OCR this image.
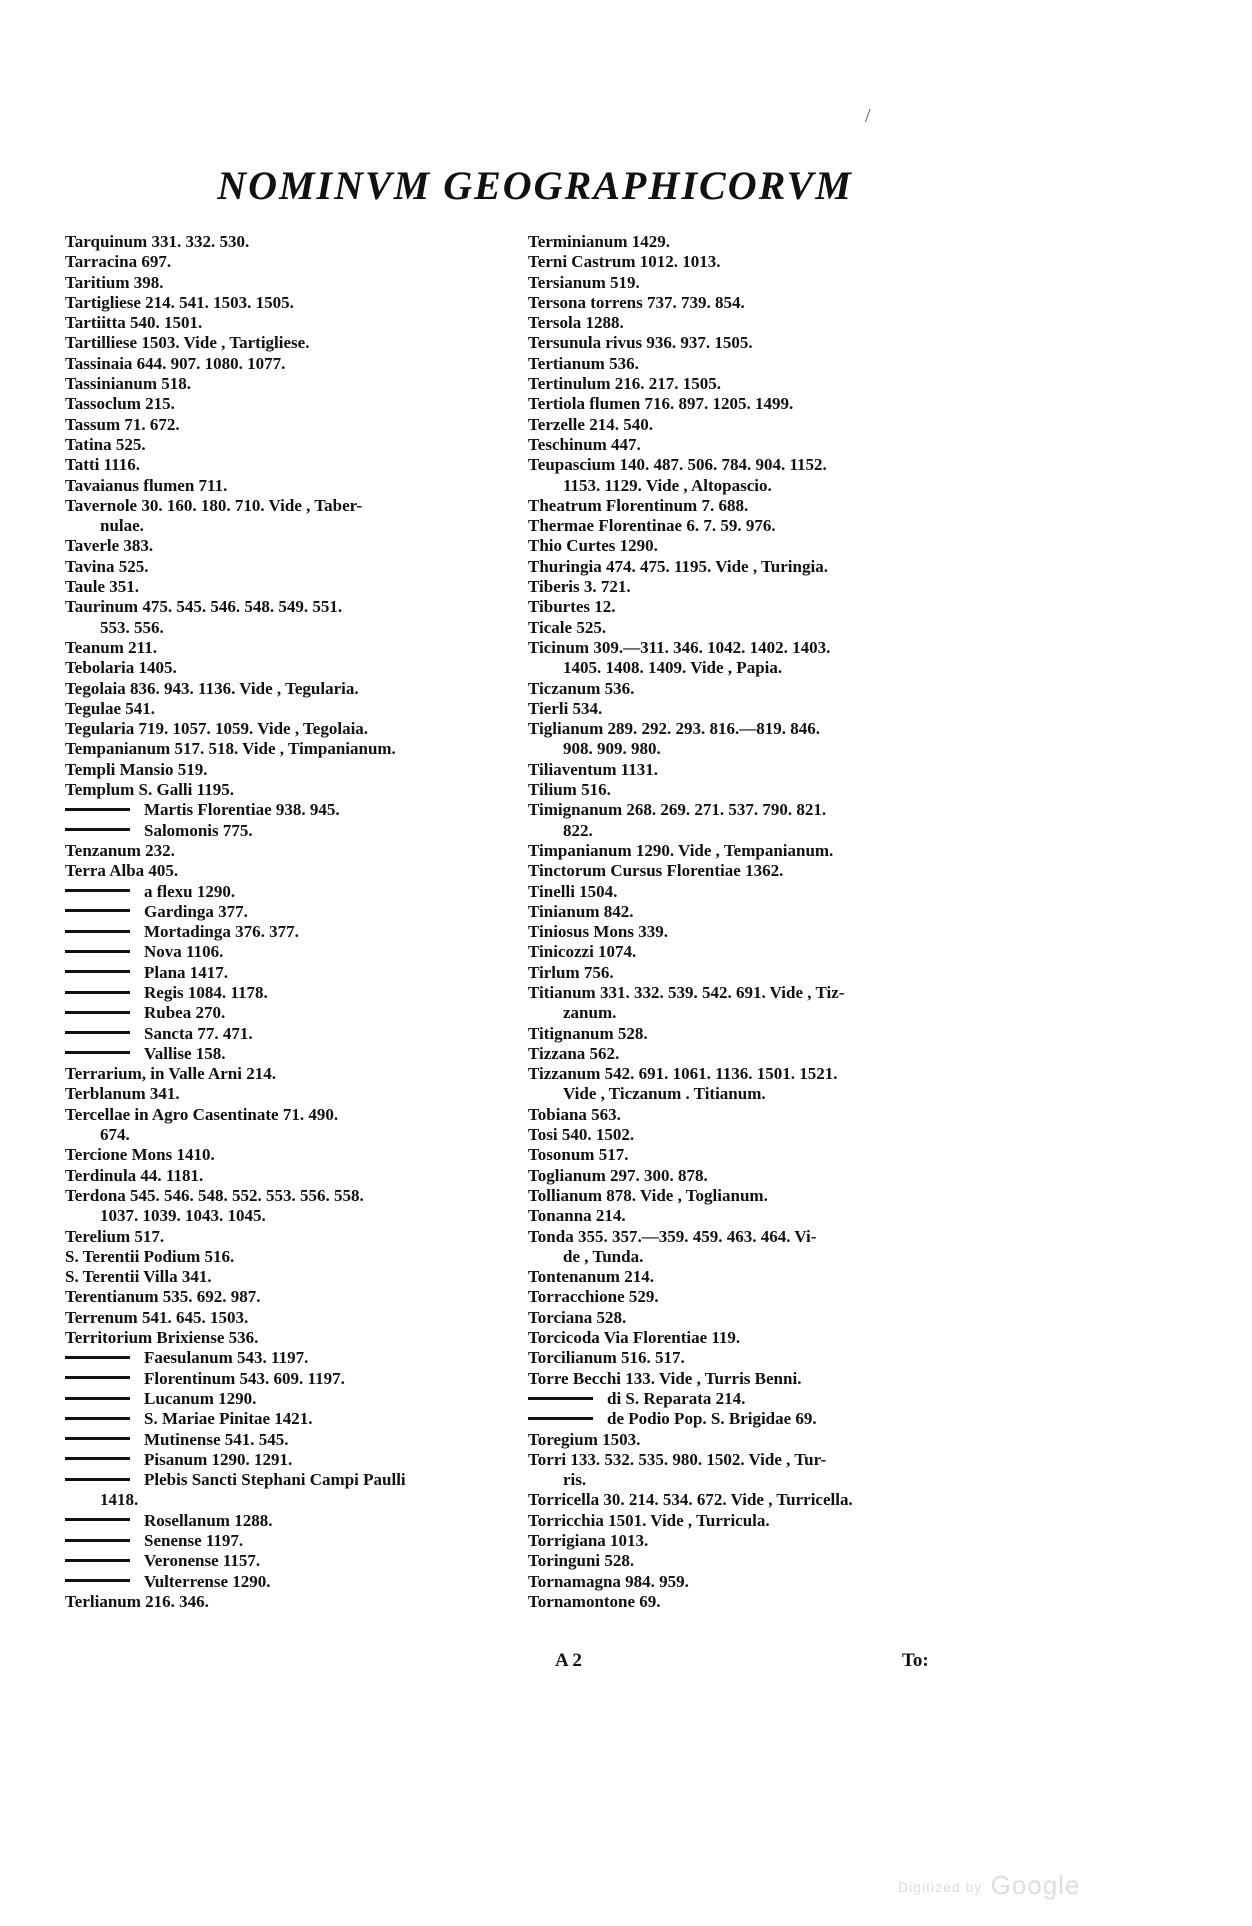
/
NOMINVM GEOGRAPHICORVM
Tarquinum 331. 332. 530.
Tarracina 697.
Taritium 398.
Tartigliese 214. 541. 1503. 1505.
Tartiitta 540. 1501.
Tartilliese 1503. Vide , Tartigliese.
Tassinaia 644. 907. 1080. 1077.
Tassinianum 518.
Tassoclum 215.
Tassum 71. 672.
Tatina 525.
Tatti 1116.
Tavaianus flumen 711.
Tavernole 30. 160. 180. 710. Vide , Taber-
nulae.
Taverle 383.
Tavina 525.
Taule 351.
Taurinum 475. 545. 546. 548. 549. 551.
553. 556.
Teanum 211.
Tebolaria 1405.
Tegolaia 836. 943. 1136. Vide , Tegularia.
Tegulae 541.
Tegularia 719. 1057. 1059. Vide , Tegolaia.
Tempanianum 517. 518. Vide , Timpanianum.
Templi Mansio 519.
Templum S. Galli 1195.
Martis Florentiae 938. 945.
Salomonis 775.
Tenzanum 232.
Terra Alba 405.
a flexu 1290.
Gardinga 377.
Mortadinga 376. 377.
Nova 1106.
Plana 1417.
Regis 1084. 1178.
Rubea 270.
Sancta 77. 471.
Vallise 158.
Terrarium, in Valle Arni 214.
Terblanum 341.
Tercellae in Agro Casentinate 71. 490.
674.
Tercione Mons 1410.
Terdinula 44. 1181.
Terdona 545. 546. 548. 552. 553. 556. 558.
1037. 1039. 1043. 1045.
Terelium 517.
S. Terentii Podium 516.
S. Terentii Villa 341.
Terentianum 535. 692. 987.
Terrenum 541. 645. 1503.
Territorium Brixiense 536.
Faesulanum 543. 1197.
Florentinum 543. 609. 1197.
Lucanum 1290.
S. Mariae Pinitae 1421.
Mutinense 541. 545.
Pisanum 1290. 1291.
Plebis Sancti Stephani Campi Paulli
1418.
Rosellanum 1288.
Senense 1197.
Veronense 1157.
Vulterrense 1290.
Terlianum 216. 346.
Terminianum 1429.
Terni Castrum 1012. 1013.
Tersianum 519.
Tersona torrens 737. 739. 854.
Tersola 1288.
Tersunula rivus 936. 937. 1505.
Tertianum 536.
Tertinulum 216. 217. 1505.
Tertiola flumen 716. 897. 1205. 1499.
Terzelle 214. 540.
Teschinum 447.
Teupascium 140. 487. 506. 784. 904. 1152.
1153. 1129. Vide , Altopascio.
Theatrum Florentinum 7. 688.
Thermae Florentinae 6. 7. 59. 976.
Thio Curtes 1290.
Thuringia 474. 475. 1195. Vide , Turingia.
Tiberis 3. 721.
Tiburtes 12.
Ticale 525.
Ticinum 309.—311. 346. 1042. 1402. 1403.
1405. 1408. 1409. Vide , Papia.
Ticzanum 536.
Tierli 534.
Tiglianum 289. 292. 293. 816.—819. 846.
908. 909. 980.
Tiliaventum 1131.
Tilium 516.
Timignanum 268. 269. 271. 537. 790. 821.
822.
Timpanianum 1290. Vide , Tempanianum.
Tinctorum Cursus Florentiae 1362.
Tinelli 1504.
Tinianum 842.
Tiniosus Mons 339.
Tinicozzi 1074.
Tirlum 756.
Titianum 331. 332. 539. 542. 691. Vide , Tiz-
zanum.
Titignanum 528.
Tizzana 562.
Tizzanum 542. 691. 1061. 1136. 1501. 1521.
Vide , Ticzanum . Titianum.
Tobiana 563.
Tosi 540. 1502.
Tosonum 517.
Toglianum 297. 300. 878.
Tollianum 878. Vide , Toglianum.
Tonanna 214.
Tonda 355. 357.—359. 459. 463. 464. Vi-
de , Tunda.
Tontenanum 214.
Torracchione 529.
Torciana 528.
Torcicoda Via Florentiae 119.
Torcilianum 516. 517.
Torre Becchi 133. Vide , Turris Benni.
di S. Reparata 214.
de Podio Pop. S. Brigidae 69.
Toregium 1503.
Torri 133. 532. 535. 980. 1502. Vide , Tur-
ris.
Torricella 30. 214. 534. 672. Vide , Turricella.
Torricchia 1501. Vide , Turricula.
Torrigiana 1013.
Toringuni 528.
Tornamagna 984. 959.
Tornamontone 69.
A 2	To:
Digitized by Google
